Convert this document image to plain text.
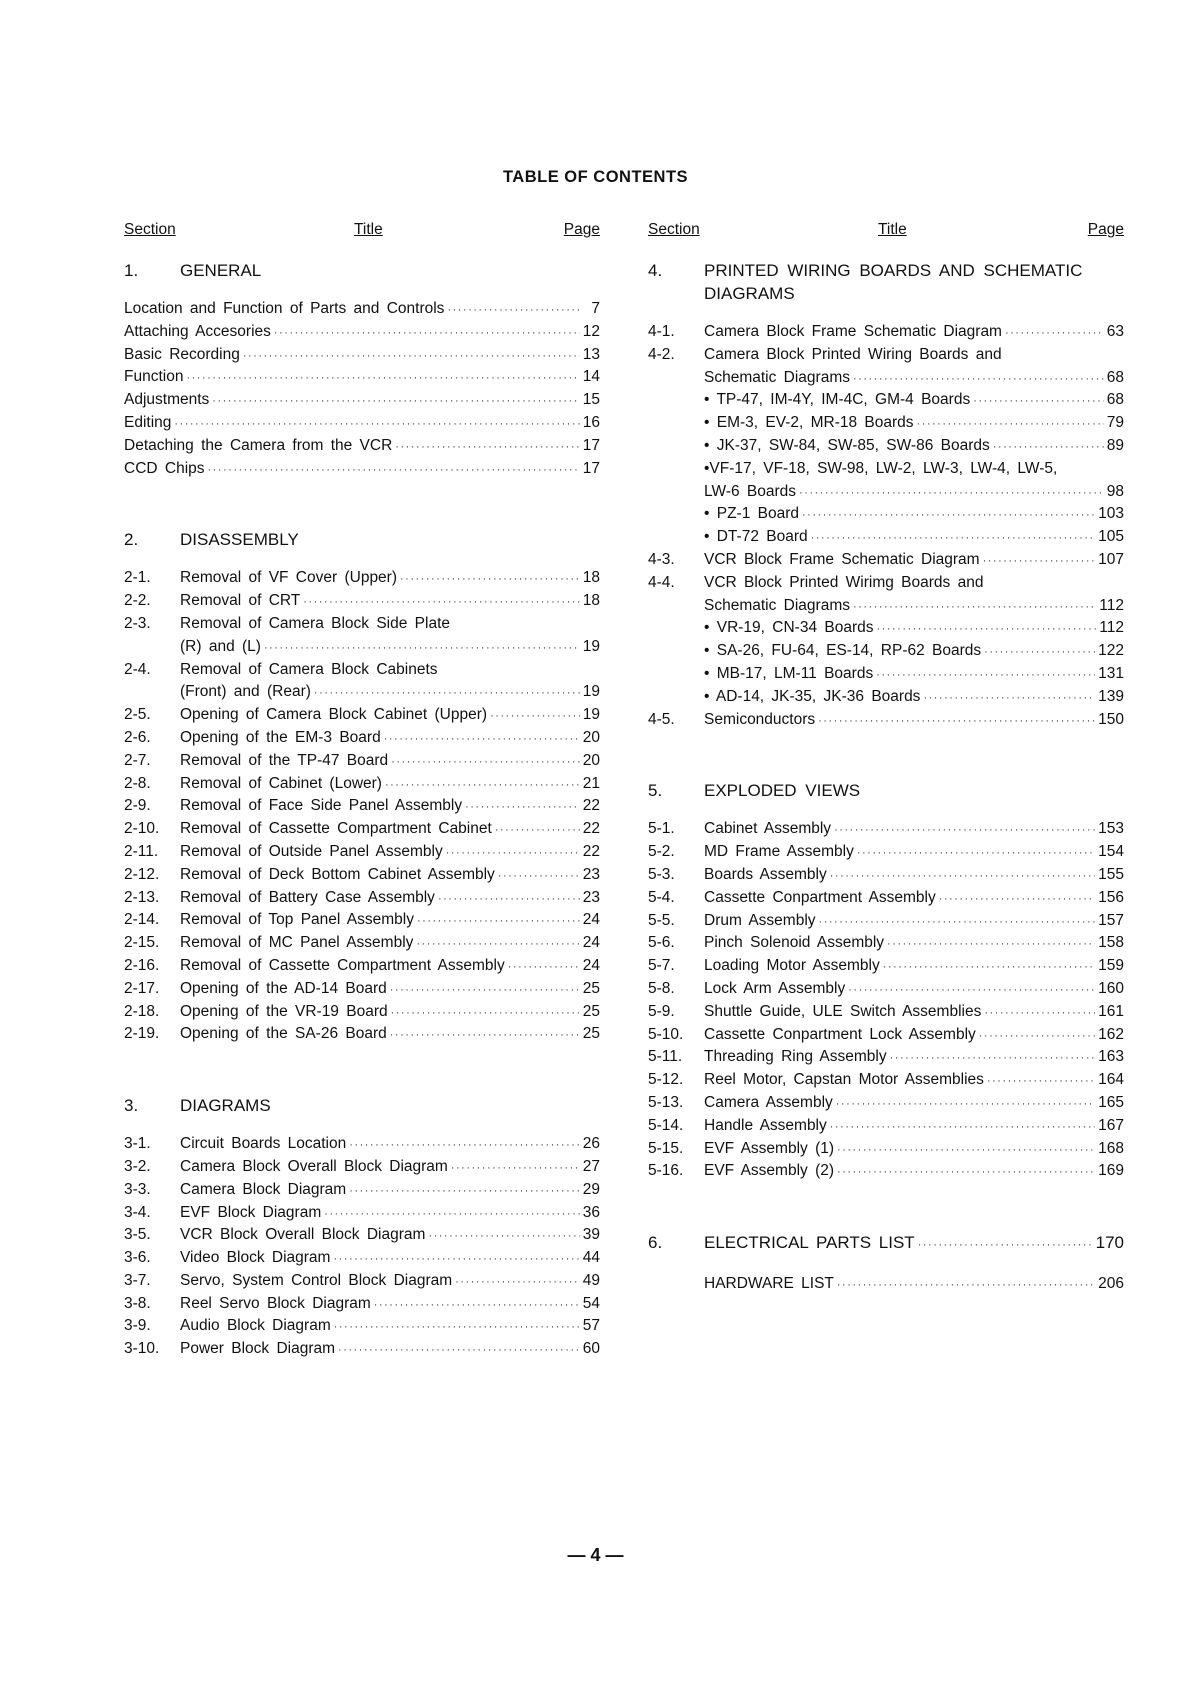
TABLE OF CONTENTS
Section	Title	Page
1.	GENERAL
Location and Function of Parts and Controls ·····	7
Attaching Accesories ·····	12
Basic Recording ·····	13
Function ·····	14
Adjustments ·····	15
Editing ·····	16
Detaching the Camera from the VCR ·····	17
CCD Chips ·····	17
2.	DISASSEMBLY
2-1.	Removal of VF Cover (Upper) ·····	18
2-2.	Removal of CRT ·····	18
2-3.	Removal of Camera Block Side Plate
(R) and (L) ·····	19
2-4.	Removal of Camera Block Cabinets
(Front) and (Rear) ·····	19
2-5.	Opening of Camera Block Cabinet (Upper) ·····	19
2-6.	Opening of the EM-3 Board ·····	20
2-7.	Removal of the TP-47 Board ·····	20
2-8.	Removal of Cabinet (Lower) ·····	21
2-9.	Removal of Face Side Panel Assembly ·····	22
2-10.	Removal of Cassette Compartment Cabinet ·····	22
2-11.	Removal of Outside Panel Assembly ·····	22
2-12.	Removal of Deck Bottom Cabinet Assembly ·····	23
2-13.	Removal of Battery Case Assembly ·····	23
2-14.	Removal of Top Panel Assembly ·····	24
2-15.	Removal of MC Panel Assembly ·····	24
2-16.	Removal of Cassette Compartment Assembly ·····	24
2-17.	Opening of the AD-14 Board ·····	25
2-18.	Opening of the VR-19 Board ·····	25
2-19.	Opening of the SA-26 Board ·····	25
3.	DIAGRAMS
3-1.	Circuit Boards Location ·····	26
3-2.	Camera Block Overall Block Diagram ·····	27
3-3.	Camera Block Diagram ·····	29
3-4.	EVF Block Diagram ·····	36
3-5.	VCR Block Overall Block Diagram ·····	39
3-6.	Video Block Diagram ·····	44
3-7.	Servo, System Control Block Diagram ·····	49
3-8.	Reel Servo Block Diagram ·····	54
3-9.	Audio Block Diagram ·····	57
3-10.	Power Block Diagram ·····	60
Section	Title	Page
4.	PRINTED WIRING BOARDS AND SCHEMATIC DIAGRAMS
4-1.	Camera Block Frame Schematic Diagram ·····	63
4-2.	Camera Block Printed Wiring Boards and
Schematic Diagrams ·····	68
• TP-47, IM-4Y, IM-4C, GM-4 Boards ·····	68
• EM-3, EV-2, MR-18 Boards ·····	79
• JK-37, SW-84, SW-85, SW-86 Boards ·····	89
•VF-17, VF-18, SW-98, LW-2, LW-3, LW-4, LW-5,
LW-6 Boards ·····	98
• PZ-1 Board ·····	103
• DT-72 Board ·····	105
4-3.	VCR Block Frame Schematic Diagram ·····	107
4-4.	VCR Block Printed Wirimg Boards and
Schematic Diagrams ·····	112
• VR-19, CN-34 Boards ·····	112
• SA-26, FU-64, ES-14, RP-62 Boards ·····	122
• MB-17, LM-11 Boards ·····	131
• AD-14, JK-35, JK-36 Boards ·····	139
4-5.	Semiconductors ·····	150
5.	EXPLODED VIEWS
5-1.	Cabinet Assembly ·····	153
5-2.	MD Frame Assembly ·····	154
5-3.	Boards Assembly ·····	155
5-4.	Cassette Conpartment Assembly ·····	156
5-5.	Drum Assembly ·····	157
5-6.	Pinch Solenoid Assembly ·····	158
5-7.	Loading Motor Assembly ·····	159
5-8.	Lock Arm Assembly ·····	160
5-9.	Shuttle Guide, ULE Switch Assemblies ·····	161
5-10.	Cassette Conpartment Lock Assembly ·····	162
5-11.	Threading Ring Assembly ·····	163
5-12.	Reel Motor, Capstan Motor Assemblies ·····	164
5-13.	Camera Assembly ·····	165
5-14.	Handle Assembly ·····	167
5-15.	EVF Assembly (1) ·····	168
5-16.	EVF Assembly (2) ·····	169
6.	ELECTRICAL PARTS LIST ·····	170
HARDWARE LIST ·····	206
— 4 —
